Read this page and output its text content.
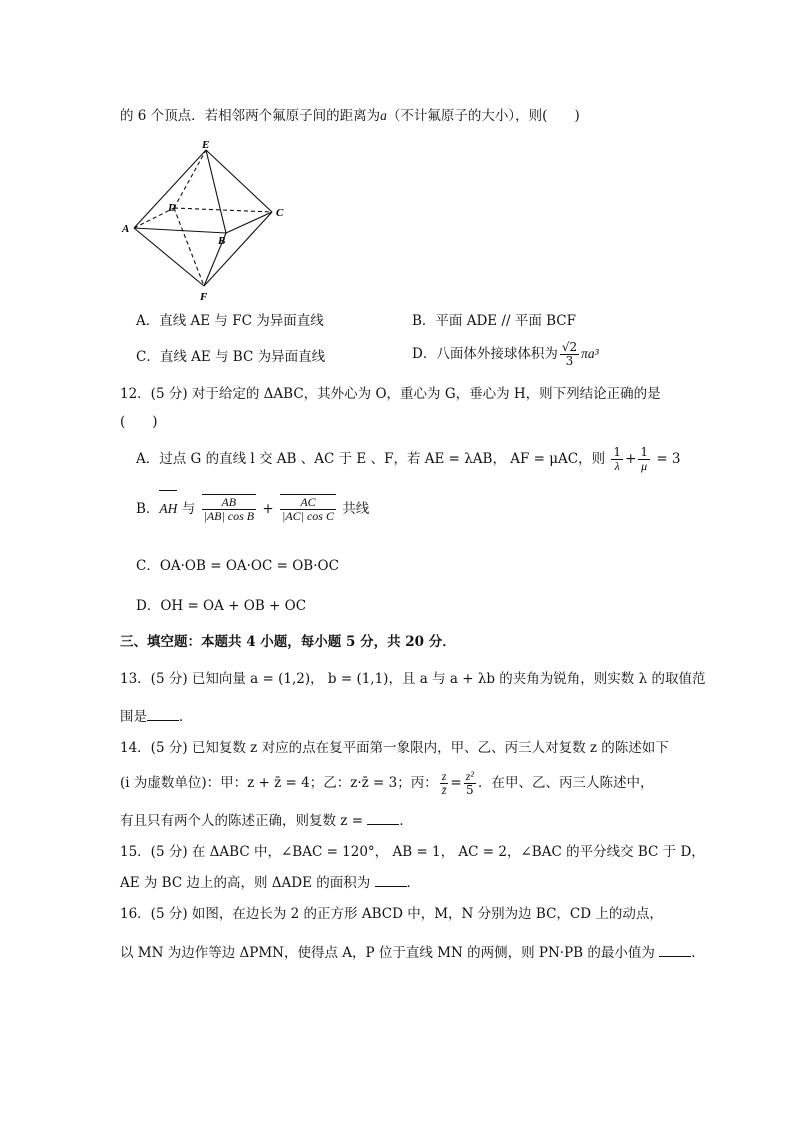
的 6 个顶点．若相邻两个氟原子间的距离为a（不计氟原子的大小），则(　　)
E
D	C
A
B
F
A．直线 AE 与 FC 为异面直线	B．平面 ADE // 平面 BCF
C．直线 AE 与 BC 为异面直线	D．八面体外接球体积为 $\frac{√2}{3} \pi a^3$
12．(5 分) 对于给定的 ΔABC，其外心为 O，重心为 G，垂心为 H，则下列结论正确的是
(　　)
A．过点 G 的直线 l 交 AB 、AC 于 E 、F，若 AE = λAB， AF = μAC，则 $\frac{1}{\lambda} + \frac{1}{\mu} = 3$
B．AH 与 $\frac{AB}{\text{|AB| cos B}} + \frac{AC}{\text{|AC| cos C}}$ 共线
C．OA·OB = OA·OC = OB·OC
D．OH = OA + OB + OC
三、填空题：本题共 4 小题，每小题 5 分，共 20 分．
13．(5 分) 已知向量 a = (1,2)， b = (1,1)，且 a 与 a + λb 的夹角为锐角，则实数 λ 的取值范
围是 ．
14．(5 分) 已知复数 z 对应的点在复平面第一象限内，甲、乙、丙三人对复数 z 的陈述如下
(i 为虚数单位)：甲：z + z̄ = 4；乙：z·z̄ = 3；丙： $\frac{z}{z̄} = \frac{\text{z²}}{5}$ ．在甲、乙、丙三人陈述中，
有且只有两个人的陈述正确，则复数 z =	．
15．(5 分) 在 ΔABC 中，∠BAC = 120°， AB = 1， AC = 2，∠BAC 的平分线交 BC 于 D，
AE 为 BC 边上的高，则 ΔADE 的面积为	．
16．(5 分) 如图，在边长为 2 的正方形 ABCD 中，M，N 分别为边 BC，CD 上的动点，
以 MN 为边作等边 ΔPMN，使得点 A，P 位于直线 MN 的两侧，则 PN·PB 的最小值为	．
